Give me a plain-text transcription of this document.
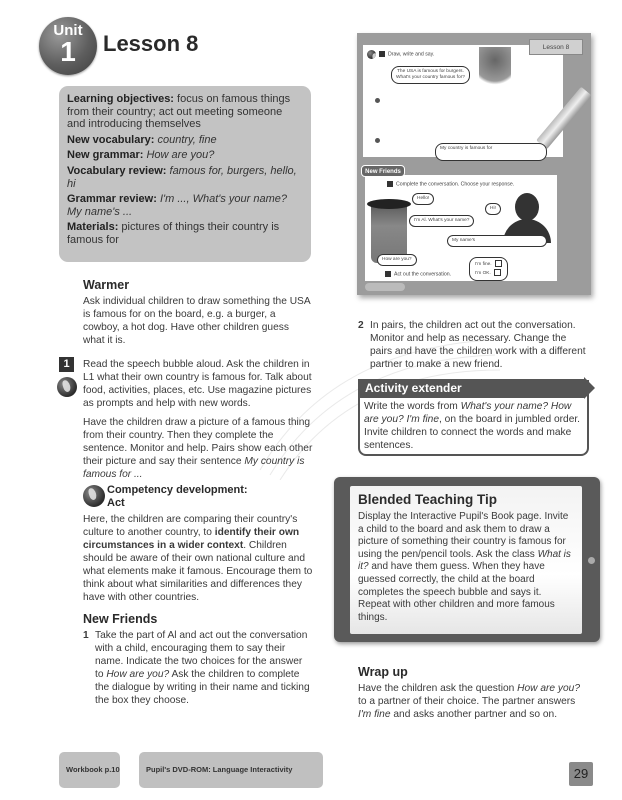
Unit
1	Lesson 8

Learning objectives: focus on famous things from their country; act out meeting someone and introducing themselves

New vocabulary: country, fine

New grammar: How are you?

Vocabulary review: famous for, burgers, hello, hi

Grammar review: I'm ..., What's your name? My name's ...

Materials: pictures of things their country is famous for

Warmer
Ask individual children to draw something the USA is famous for on the board, e.g. a burger, a cowboy, a hot dog. Have other children guess what it is.
1	Read the speech bubble aloud. Ask the children in L1 what their own country is famous for. Talk about food, activities, places, etc. Use magazine pictures as prompts and help with new words.
Have the children draw a picture of a famous thing from their country. Then they complete the sentence. Monitor and help. Pairs show each other their picture and say their sentence My country is famous for ...
Competency development:
Act
Here, the children are comparing their country's culture to another country, to identify their own circumstances in a wider context. Children should be aware of their own national culture and what elements make it famous. Encourage them to think about what similarities and differences they have with other countries.
New Friends
1 Take the part of Al and act out the conversation with a child, encouraging them to say their name. Indicate the two choices for the answer to How are you? Ask the children to complete the dialogue by writing in their name and ticking the box they choose.
Lesson 8
Draw, write and say.
The USA is famous for burgers.
What's your country famous for?
My country is famous for
New Friends
Complete the conversation. Choose your response.
Hello!
I'm Al. What's your name?
Hi!
My name's
How are you?
I'm fine.
I'm OK.
Act out the conversation.
2 In pairs, the children act out the conversation. Monitor and help as necessary. Change the pairs and have the children work with a different partner to make a new friend.
Activity extender
Write the words from What's your name? How are you? I'm fine, on the board in jumbled order. Invite children to connect the words and make sentences.
Blended Teaching Tip
Display the Interactive Pupil's Book page. Invite a child to the board and ask them to draw a picture of something their country is famous for using the pen/pencil tools. Ask the class What is it? and have them guess. When they have guessed correctly, the child at the board completes the speech bubble and says it. Repeat with other children and more famous things.
Wrap up
Have the children ask the question How are you? to a partner of their choice. The partner answers I'm fine and asks another partner and so on.
Workbook p.10	Pupil's DVD-ROM: Language Interactivity	29
